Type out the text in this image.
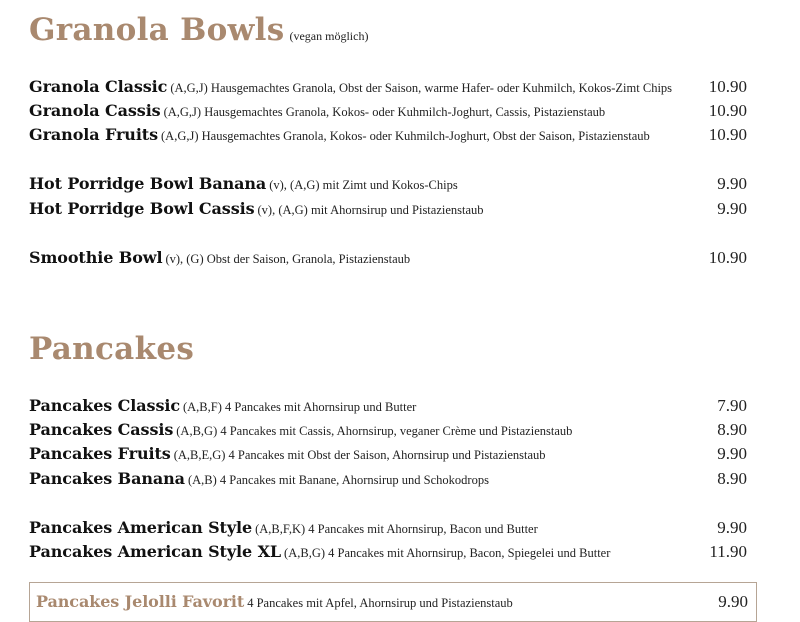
Granola Bowls (vegan möglich)
Granola Classic (A,G,J) Hausgemachtes Granola, Obst der Saison, warme Hafer- oder Kuhmilch, Kokos-Zimt Chips 10.90
Granola Cassis (A,G,J) Hausgemachtes Granola, Kokos- oder Kuhmilch-Joghurt, Cassis, Pistazienstaub	10.90
Granola Fruits (A,G,J) Hausgemachtes Granola, Kokos- oder Kuhmilch-Joghurt, Obst der Saison, Pistazienstaub	10.90
Hot Porridge Bowl Banana (v), (A,G) mit Zimt und Kokos-Chips	9.90
Hot Porridge Bowl Cassis (v), (A,G) mit Ahornsirup und Pistazienstaub	9.90
Smoothie Bowl (v), (G) Obst der Saison, Granola, Pistazienstaub	10.90
Pancakes
Pancakes Classic (A,B,F) 4 Pancakes mit Ahornsirup und Butter	7.90
Pancakes Cassis (A,B,G) 4 Pancakes mit Cassis, Ahornsirup, veganer Crème und Pistazienstaub	8.90
Pancakes Fruits (A,B,E,G) 4 Pancakes mit Obst der Saison, Ahornsirup und Pistazienstaub	9.90
Pancakes Banana (A,B) 4 Pancakes mit Banane, Ahornsirup und Schokodrops	8.90
Pancakes American Style (A,B,F,K) 4 Pancakes mit Ahornsirup, Bacon und Butter	9.90
Pancakes American Style XL (A,B,G) 4 Pancakes mit Ahornsirup, Bacon, Spiegelei und Butter	11.90
Pancakes Jelolli Favorit 4 Pancakes mit Apfel, Ahornsirup und Pistazienstaub	9.90
